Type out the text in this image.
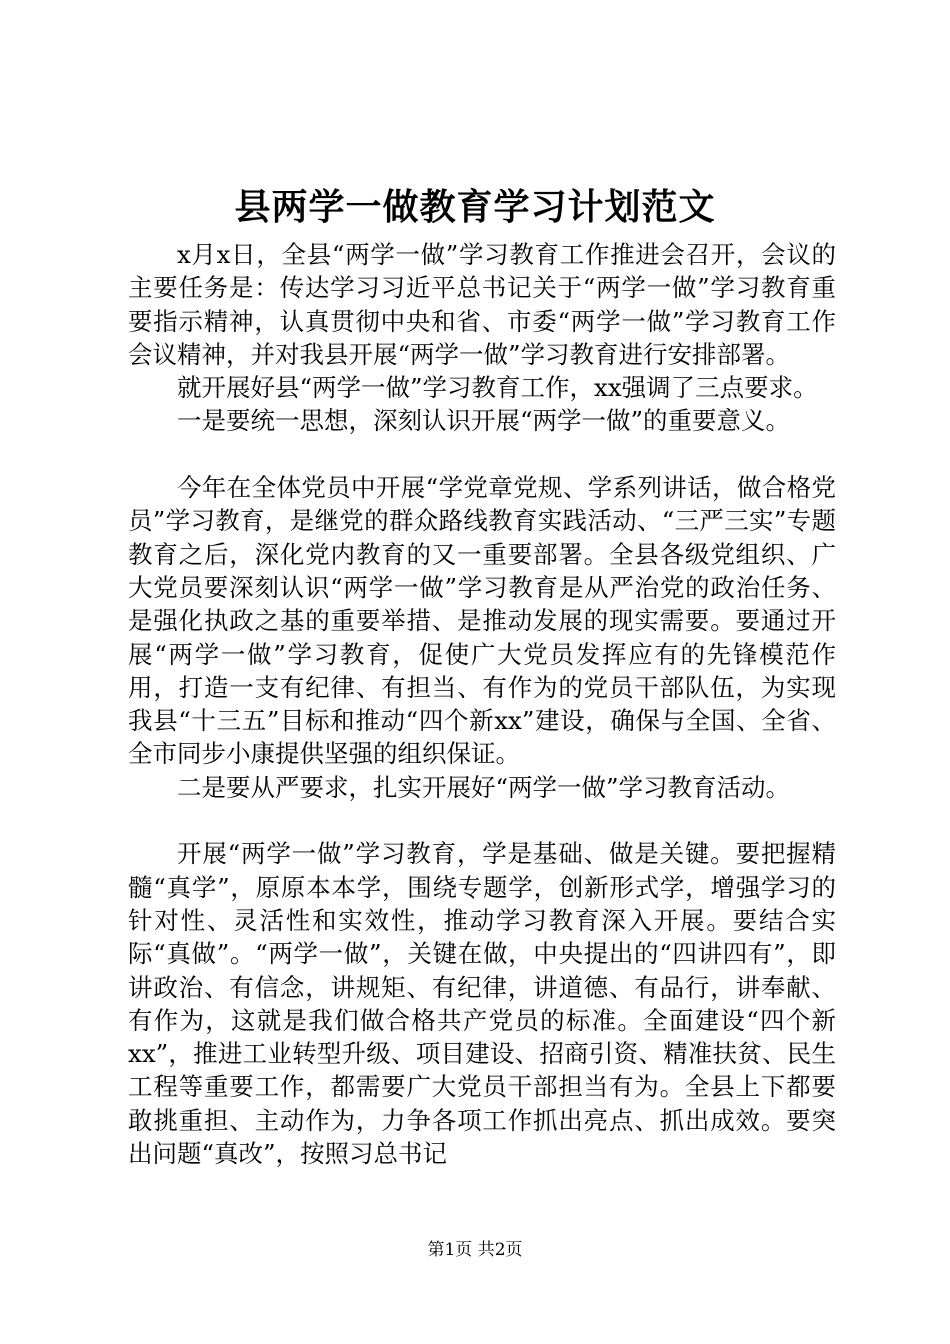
县两学一做教育学习计划范文

x月x日，全县“两学一做”学习教育工作推进会召开，会议的主要任务是：传达学习习近平总书记关于“两学一做”学习教育重要指示精神，认真贯彻中央和省、市委“两学一做”学习教育工作会议精神，并对我县开展“两学一做”学习教育进行安排部署。

就开展好县“两学一做”学习教育工作，xx强调了三点要求。

一是要统一思想，深刻认识开展“两学一做”的重要意义。

今年在全体党员中开展“学党章党规、学系列讲话，做合格党员”学习教育，是继党的群众路线教育实践活动、“三严三实”专题教育之后，深化党内教育的又一重要部署。全县各级党组织、广大党员要深刻认识“两学一做”学习教育是从严治党的政治任务、是强化执政之基的重要举措、是推动发展的现实需要。要通过开展“两学一做”学习教育，促使广大党员发挥应有的先锋模范作用，打造一支有纪律、有担当、有作为的党员干部队伍，为实现我县“十三五”目标和推动“四个新xx”建设，确保与全国、全省、全市同步小康提供坚强的组织保证。

二是要从严要求，扎实开展好“两学一做”学习教育活动。

开展“两学一做”学习教育，学是基础、做是关键。要把握精髓“真学”，原原本本学，围绕专题学，创新形式学，增强学习的针对性、灵活性和实效性，推动学习教育深入开展。要结合实际“真做”。“两学一做”，关键在做，中央提出的“四讲四有”，即讲政治、有信念，讲规矩、有纪律，讲道德、有品行，讲奉献、有作为，这就是我们做合格共产党员的标准。全面建设“四个新xx”，推进工业转型升级、项目建设、招商引资、精准扶贫、民生工程等重要工作，都需要广大党员干部担当有为。全县上下都要敢挑重担、主动作为，力争各项工作抓出亮点、抓出成效。要突出问题“真改”，按照习总书记

第1页 共2页
